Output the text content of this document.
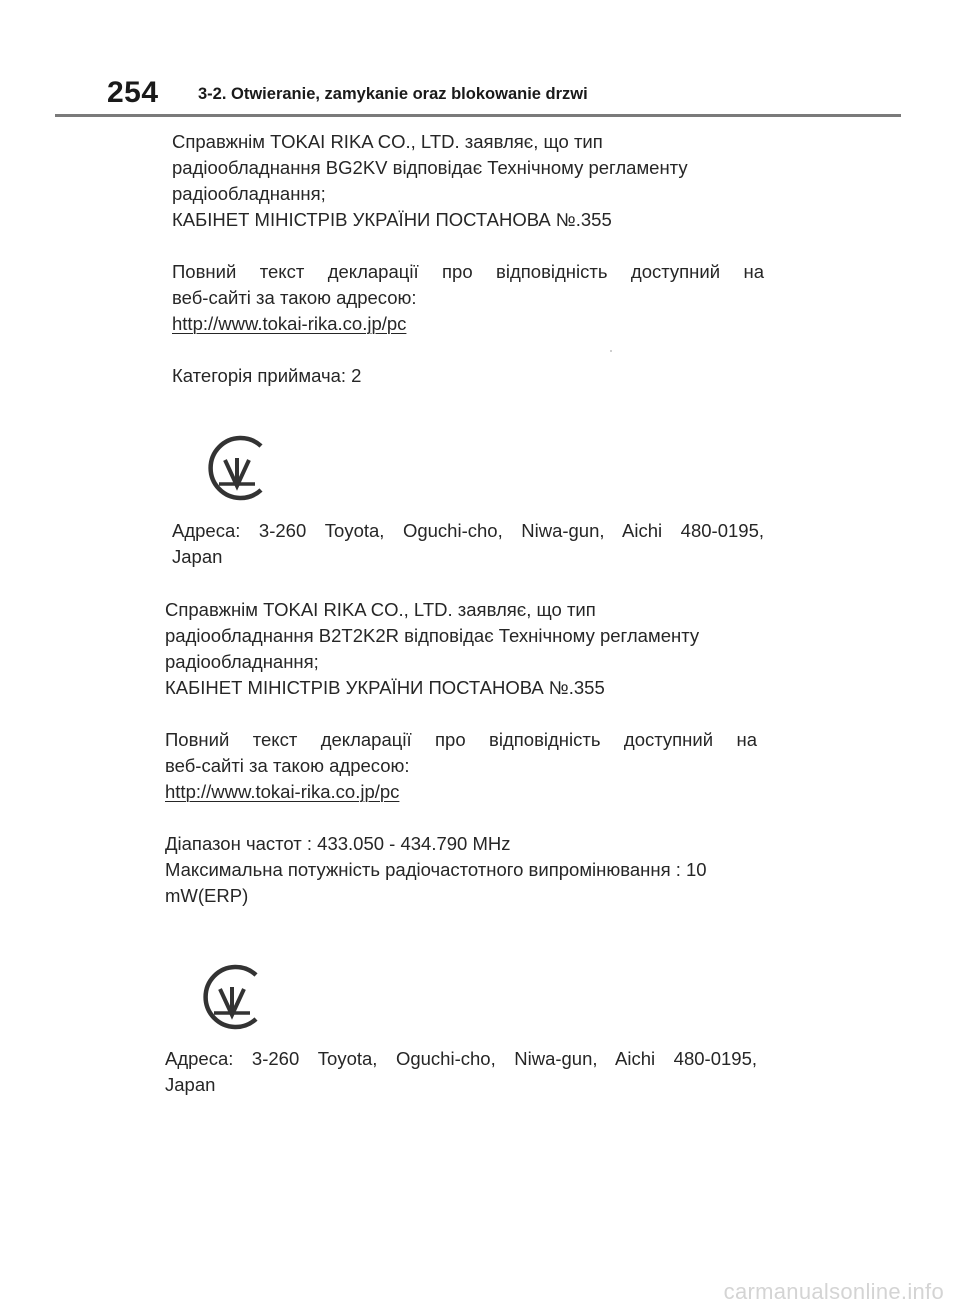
254 3-2. Otwieranie, zamykanie oraz blokowanie drzwi
Справжнім TOKAI RIKA CO., LTD. заявляє, що тип
радіообладнання BG2KV відповідає Технічному регламенту
радіообладнання;
КАБІНЕТ МІНІСТРІВ УКРАЇНИ ПОСТАНОВА №.355
Повний текст декларації про відповідність доступний на
веб-сайті за такою адресою:
http://www.tokai-rika.co.jp/pc
Категорія приймача: 2
Адреса: 3-260 Toyota, Oguchi-cho, Niwa-gun, Aichi 480-0195,
Japan
Справжнім TOKAI RIKA CO., LTD. заявляє, що тип
радіообладнання B2T2K2R відповідає Технічному регламенту
радіообладнання;
КАБІНЕТ МІНІСТРІВ УКРАЇНИ ПОСТАНОВА №.355
Повний текст декларації про відповідність доступний на
веб-сайті за такою адресою:
http://www.tokai-rika.co.jp/pc
Діапазон частот : 433.050 - 434.790 MHz
Максимальна потужність радіочастотного випромінювання : 10
mW(ERP)
Адреса: 3-260 Toyota, Oguchi-cho, Niwa-gun, Aichi 480-0195,
Japan
carmanualsonline.info
